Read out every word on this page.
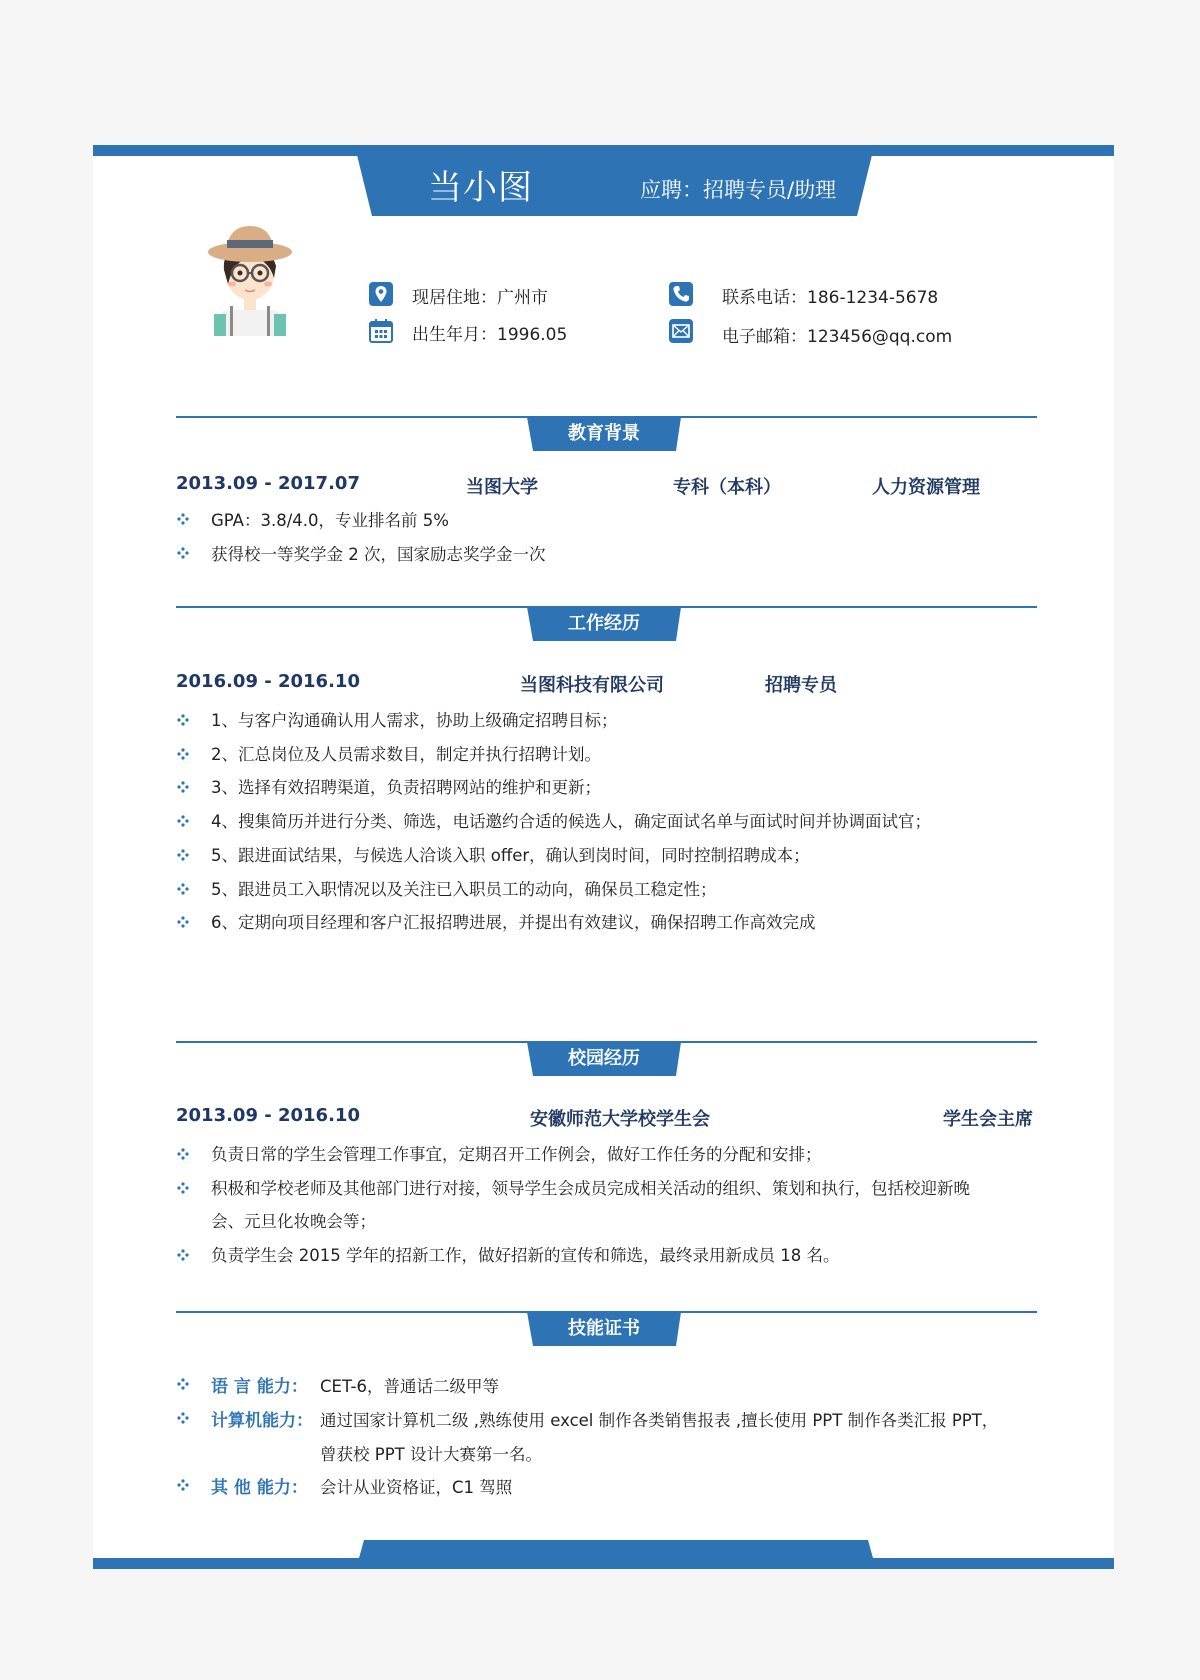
当小图	应聘：招聘专员/助理
现居住地：广州市
出生年月：1996.05
联系电话：186-1234-5678
电子邮箱：123456@qq.com
教育背景
2013.09 - 2017.07	当图大学	专科（本科）	人力资源管理
GPA：3.8/4.0，专业排名前 5%
获得校一等奖学金 2 次，国家励志奖学金一次
工作经历
2016.09 - 2016.10	当图科技有限公司	招聘专员
1、与客户沟通确认用人需求，协助上级确定招聘目标；
2、汇总岗位及人员需求数目，制定并执行招聘计划。
3、选择有效招聘渠道，负责招聘网站的维护和更新；
4、搜集简历并进行分类、筛选，电话邀约合适的候选人，确定面试名单与面试时间并协调面试官；
5、跟进面试结果，与候选人洽谈入职 offer，确认到岗时间，同时控制招聘成本；
5、跟进员工入职情况以及关注已入职员工的动向，确保员工稳定性；
6、定期向项目经理和客户汇报招聘进展，并提出有效建议，确保招聘工作高效完成
校园经历
2013.09 - 2016.10	安徽师范大学校学生会	学生会主席
负责日常的学生会管理工作事宜，定期召开工作例会，做好工作任务的分配和安排；
积极和学校老师及其他部门进行对接，领导学生会成员完成相关活动的组织、策划和执行，包括校迎新晚
会、元旦化妆晚会等；
负责学生会 2015 学年的招新工作，做好招新的宣传和筛选，最终录用新成员 18 名。
技能证书
语 言 能力： CET-6，普通话二级甲等
计算机能力： 通过国家计算机二级 ,熟练使用 excel 制作各类销售报表 ,擅长使用 PPT 制作各类汇报 PPT，
曾获校 PPT 设计大赛第一名。
其 他 能力： 会计从业资格证，C1 驾照
